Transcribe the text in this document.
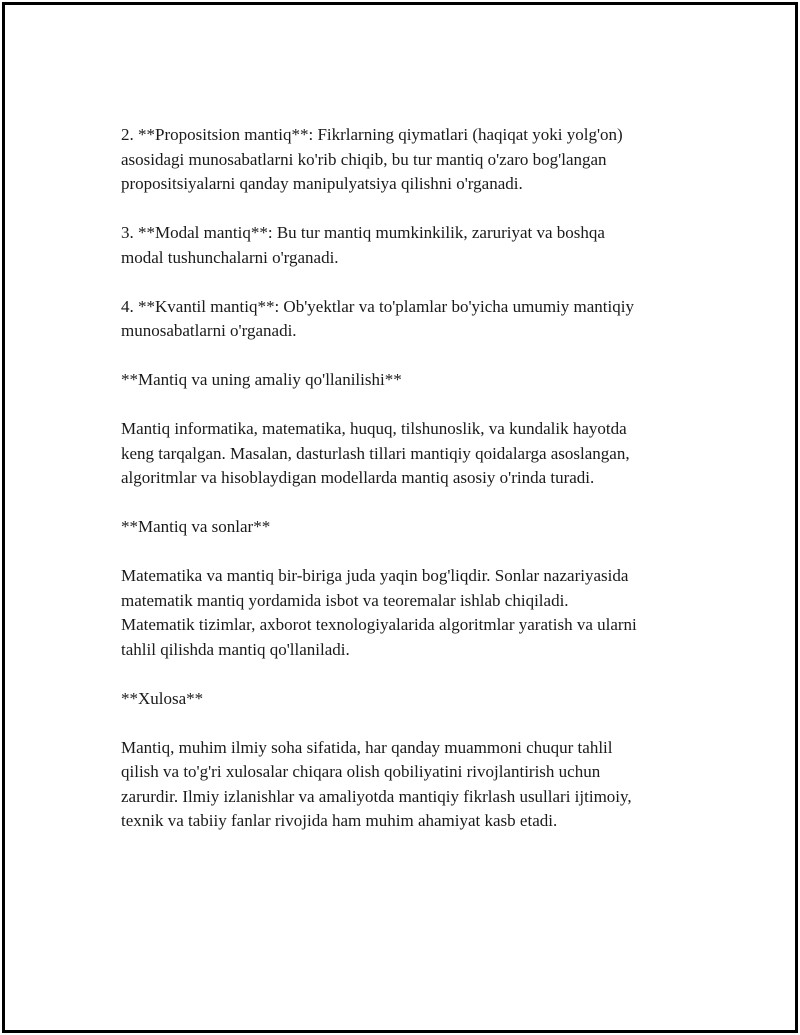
2. **Propositsion mantiq**: Fikrlarning qiymatlari (haqiqat yoki yolg'on)
asosidagi munosabatlarni ko'rib chiqib, bu tur mantiq o'zaro bog'langan
propositsiyalarni qanday manipulyatsiya qilishni o'rganadi.

3. **Modal mantiq**: Bu tur mantiq mumkinkilik, zaruriyat va boshqa
modal tushunchalarni o'rganadi.

4. **Kvantil mantiq**: Ob'yektlar va to'plamlar bo'yicha umumiy mantiqiy
munosabatlarni o'rganadi.

**Mantiq va uning amaliy qo'llanilishi**

Mantiq informatika, matematika, huquq, tilshunoslik, va kundalik hayotda
keng tarqalgan. Masalan, dasturlash tillari mantiqiy qoidalarga asoslangan,
algoritmlar va hisoblaydigan modellarda mantiq asosiy o'rinda turadi.

**Mantiq va sonlar**

Matematika va mantiq bir-biriga juda yaqin bog'liqdir. Sonlar nazariyasida
matematik mantiq yordamida isbot va teoremalar ishlab chiqiladi.
Matematik tizimlar, axborot texnologiyalarida algoritmlar yaratish va ularni
tahlil qilishda mantiq qo'llaniladi.

**Xulosa**

Mantiq, muhim ilmiy soha sifatida, har qanday muammoni chuqur tahlil
qilish va to'g'ri xulosalar chiqara olish qobiliyatini rivojlantirish uchun
zarurdir. Ilmiy izlanishlar va amaliyotda mantiqiy fikrlash usullari ijtimoiy,
texnik va tabiiy fanlar rivojida ham muhim ahamiyat kasb etadi.
